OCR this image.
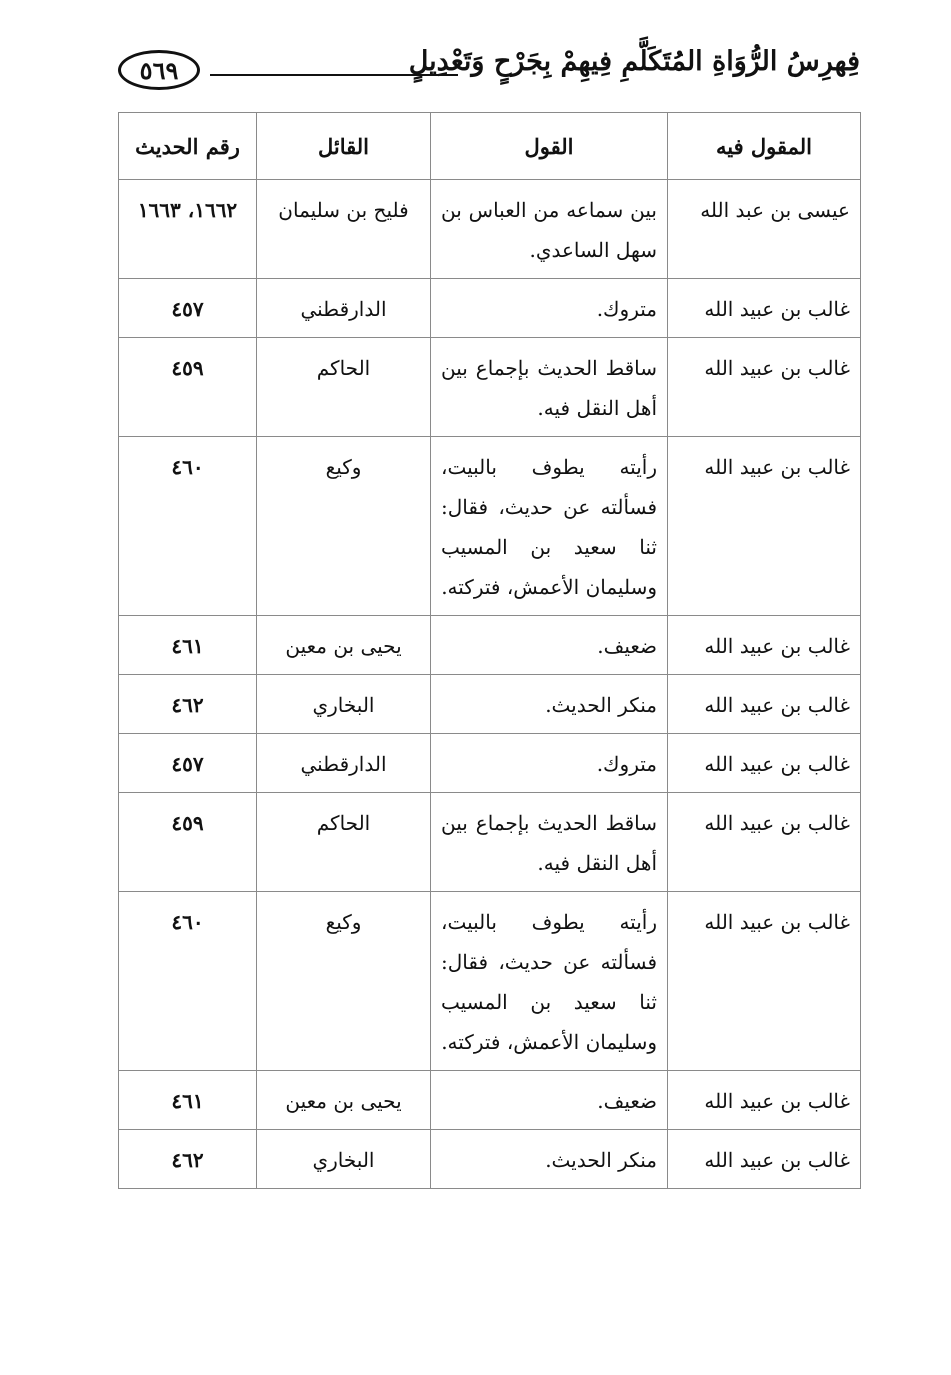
٥٦٩	فِهرِسُ الرُّوَاةِ المُتَكَلَّمِ فِيهِمْ بِجَرْحٍ وَتَعْدِيلٍ
المقول فيه	القول	القائل	رقم الحديث
عيسى بن عبد الله	بين سماعه من العباس بن سهل الساعدي.	فليح بن سليمان	١٦٦٢، ١٦٦٣
غالب بن عبيد الله	متروك.	الدارقطني	٤٥٧
غالب بن عبيد الله	ساقط الحديث بإجماع بين أهل النقل فيه.	الحاكم	٤٥٩
غالب بن عبيد الله	رأيته يطوف بالبيت، فسألته عن حديث، فقال: ثنا سعيد بن المسيب وسليمان الأعمش، فتركته.	وكيع	٤٦٠
غالب بن عبيد الله	ضعيف.	يحيى بن معين	٤٦١
غالب بن عبيد الله	منكر الحديث.	البخاري	٤٦٢
غالب بن عبيد الله	متروك.	الدارقطني	٤٥٧
غالب بن عبيد الله	ساقط الحديث بإجماع بين أهل النقل فيه.	الحاكم	٤٥٩
غالب بن عبيد الله	رأيته يطوف بالبيت، فسألته عن حديث، فقال: ثنا سعيد بن المسيب وسليمان الأعمش، فتركته.	وكيع	٤٦٠
غالب بن عبيد الله	ضعيف.	يحيى بن معين	٤٦١
غالب بن عبيد الله	منكر الحديث.	البخاري	٤٦٢
